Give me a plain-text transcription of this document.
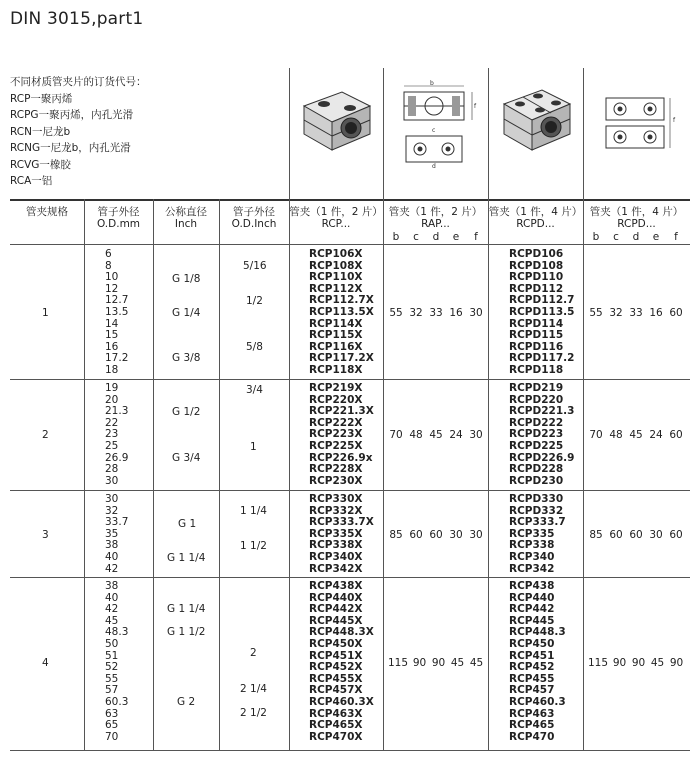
DIN 3015,part1
不同材质管夹片的订货代号：
RCP一聚丙烯
RCPG一聚丙烯，内孔光滑
RCN一尼龙b
RCNG一尼龙b，内孔光滑
RCVG一橡胶
RCA一铝
b
f
c
d
f
管夹规格	管子外径
O.D.mm
公称直径
Inch
管子外径
O.D.Inch
管夹（1 件，2 片）
RCP...
管夹（1 件，2 片）
RAP...
管夹（1 件，4 片）
RCPD...
管夹（1 件，4 片）
RCPD...
b c d e f	b c d e f
1
6
8
10
12
12.7
13.5
14
15
16
17.2
18
G 1/8
G 1/4
G 3/8
5/16
1/2
5/8
RCP106X
RCP108X
RCP110X
RCP112X
RCP112.7X
RCP113.5X
RCP114X
RCP115X
RCP116X
RCP117.2X
RCP118X
55 32 33 16 30
RCPD106
RCPD108
RCPD110
RCPD112
RCPD112.7
RCPD113.5
RCPD114
RCPD115
RCPD116
RCPD117.2
RCPD118
55 32 33 16 60
2
19
20
21.3
22
23
25
26.9
28
30
G 1/2
G 3/4
3/4
1
RCP219X
RCP220X
RCP221.3X
RCP222X
RCP223X
RCP225X
RCP226.9x
RCP228X
RCP230X
70 48 45 24 30
RCPD219
RCPD220
RCPD221.3
RCPD222
RCPD223
RCPD225
RCPD226.9
RCPD228
RCPD230
70 48 45 24 60
3
30
32
33.7
35
38
40
42
G 1
G 1 1/4
1 1/4
1 1/2
RCP330X
RCP332X
RCP333.7X
RCP335X
RCP338X
RCP340X
RCP342X
85 60 60 30 30
RCPD330
RCPD332
RCP333.7
RCP335
RCP338
RCP340
RCP342
85 60 60 30 60
4
38
40
42
45
48.3
50
51
52
55
57
60.3
63
65
70
G 1 1/4
G 1 1/2
G 2
2
2 1/4
2 1/2
RCP438X
RCP440X
RCP442X
RCP445X
RCP448.3X
RCP450X
RCP451X
RCP452X
RCP455X
RCP457X
RCP460.3X
RCP463X
RCP465X
RCP470X
115 90 90 45 45
RCP438
RCP440
RCP442
RCP445
RCP448.3
RCP450
RCP451
RCP452
RCP455
RCP457
RCP460.3
RCP463
RCP465
RCP470
115 90 90 45 90
